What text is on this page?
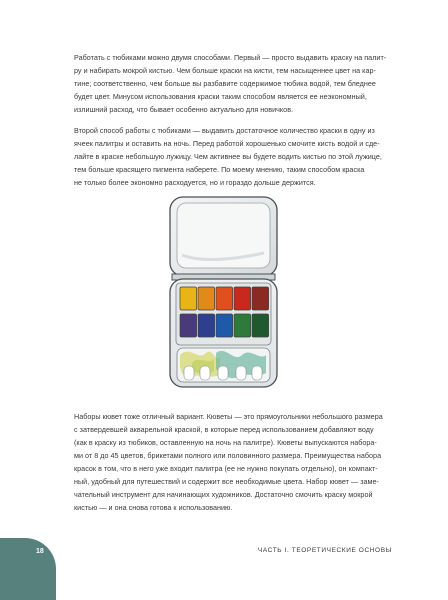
Работать с тюбиками можно двумя способами. Первый — просто выдавить краску на палит-
ру и набирать мокрой кистью. Чем больше краски на кисти, тем насыщеннее цвет на кар-
тине; соответственно, чем больше вы разбавите содержимое тюбика водой, тем бледнее
будет цвет. Минусом использования краски таким способом является ее неэкономный,
излишний расход, что бывает особенно актуально для новичков.
Второй способ работы с тюбиками — выдавить достаточное количество краски в одну из
ячеек палитры и оставить на ночь. Перед работой хорошенько смочите кисть водой и сде-
лайте в краске небольшую лужицу. Чем активнее вы будете водить кистью по этой лужице,
тем больше красящего пигмента наберете. По моему мнению, таким способом краска
не только более экономно расходуется, но и гораздо дольше держится.
Наборы кювет тоже отличный вариант. Кюветы — это прямоугольники небольшого размера
с затвердевшей акварельной краской, в которые перед использованием добавляют воду
(как в краску из тюбиков, оставленную на ночь на палитре). Кюветы выпускаются наборa-
ми от 8 до 45 цветов, брикетами полного или половинного размера. Преимущества набора
красок в том, что в него уже входит палитра (ее не нужно покупать отдельно), он компакт-
ный, удобный для путешествий и содержит все необходимые цвета. Набор кювет — заме-
чательный инструмент для начинающих художников. Достаточно смочить краску мокрой
кистью — и она снова готова к использованию.
18	ЧАСТЬ I. ТЕОРЕТИЧЕСКИЕ ОСНОВЫ
